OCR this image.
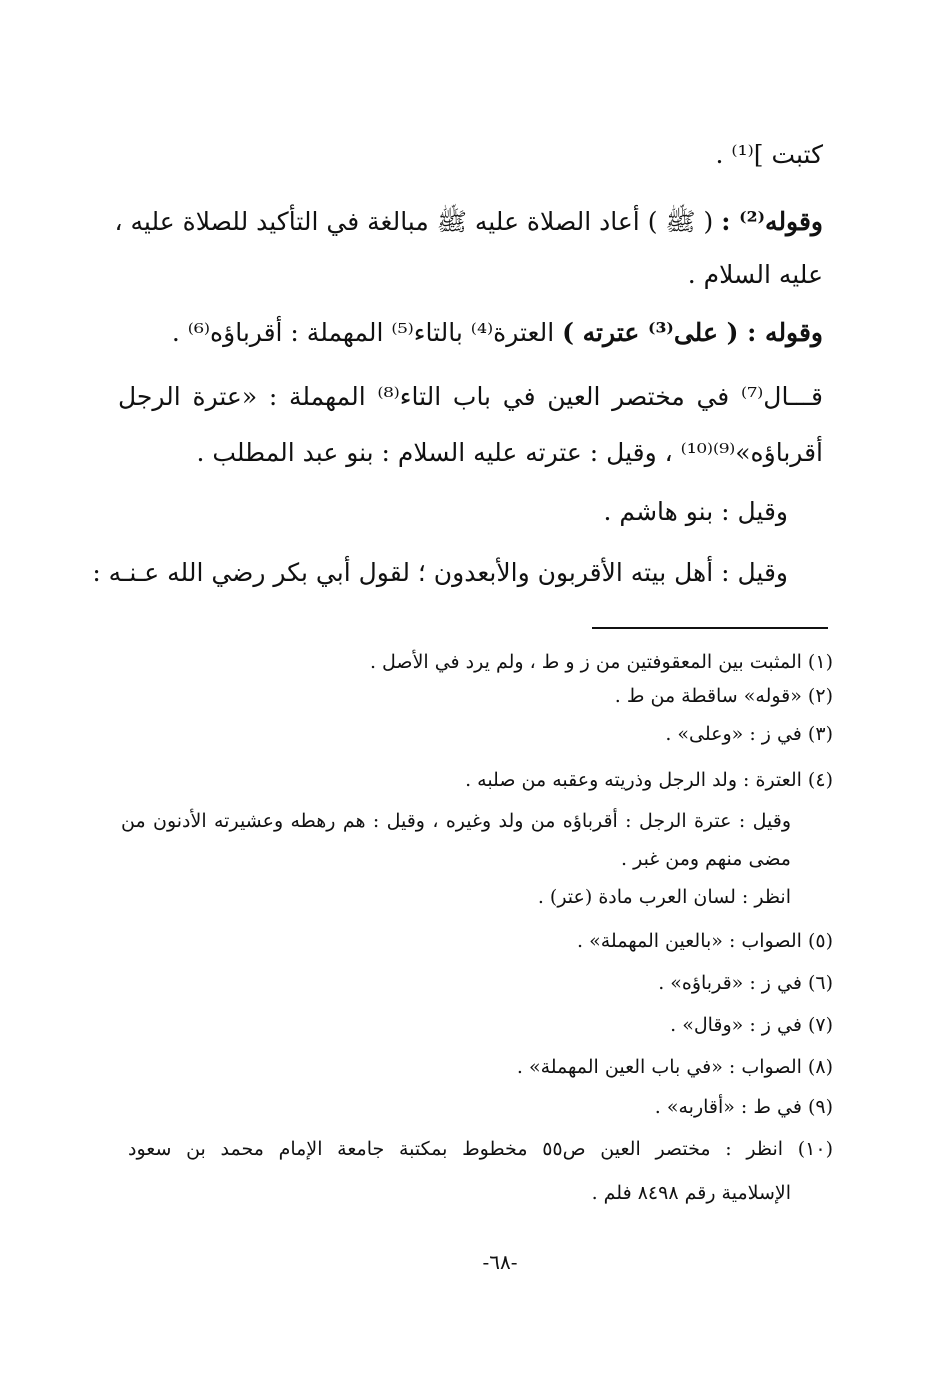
كتبت ]⁽¹⁾ .
وقوله⁽²⁾ : ( ﷺ ) أعاد الصلاة عليه ﷺ مبالغة في التأكيد للصلاة عليه ،
عليه السلام .
وقوله : ( على⁽³⁾ عترته ) العترة⁽⁴⁾ بالتاء⁽⁵⁾ المهملة : أقرباؤه⁽⁶⁾ .
قـــال⁽⁷⁾ في مختصر العين في باب التاء⁽⁸⁾ المهملة : «عترة الرجل
أقرباؤه»⁽⁹⁾⁽¹⁰⁾ ، وقيل : عترته عليه السلام : بنو عبد المطلب .
وقيل : بنو هاشم .
وقيل : أهل بيته الأقربون والأبعدون ؛ لقول أبي بكر رضي الله عـنـه :
(١) المثبت بين المعقوفتين من ز و ط ، ولم يرد في الأصل .
(٢) «قوله» ساقطة من ط .
(٣) في ز : «وعلى» .
(٤) العترة : ولد الرجل وذريته وعقبه من صلبه .
وقيل : عترة الرجل : أقرباؤه من ولد وغيره ، وقيل : هم رهطه وعشيرته الأدنون من
مضى منهم ومن غبر .
انظر : لسان العرب مادة (عتر) .
(٥) الصواب : «بالعين المهملة» .
(٦) في ز : «قرباؤه» .
(٧) في ز : «وقال» .
(٨) الصواب : «في باب العين المهملة» .
(٩) في ط : «أقاربه» .
(١٠) انظر : مختصر العين ص٥٥ مخطوط بمكتبة جامعة الإمام محمد بن سعود
الإسلامية رقم ٨٤٩٨ فلم .
-٦٨-
